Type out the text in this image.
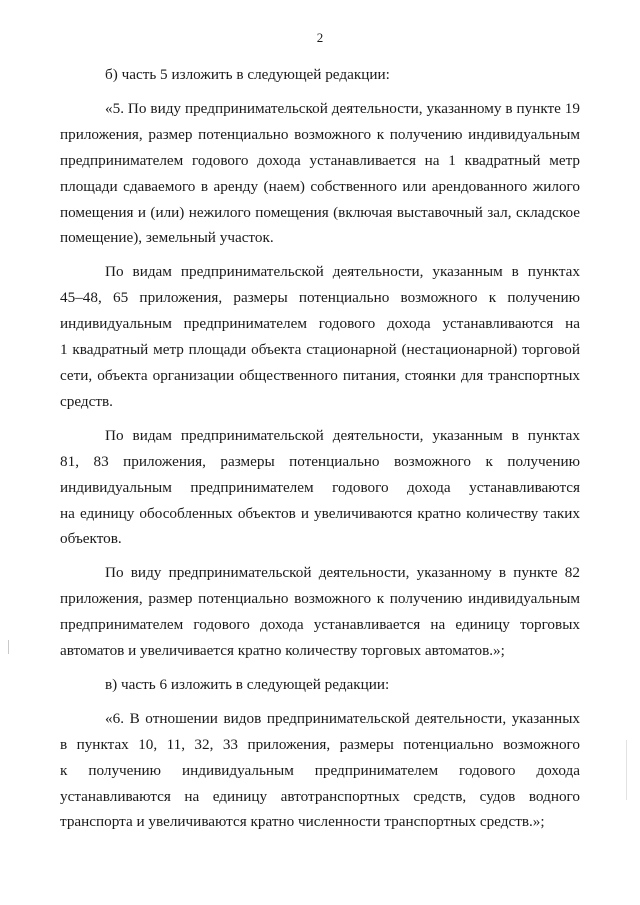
2
б) часть 5 изложить в следующей редакции:
«5. По виду предпринимательской деятельности, указанному в пункте 19
приложения, размер потенциально возможного к получению индивидуальным
предпринимателем годового дохода устанавливается на 1 квадратный метр
площади сдаваемого в аренду (наем) собственного или арендованного жилого
помещения и (или) нежилого помещения (включая выставочный зал, складское
помещение), земельный участок.
По видам предпринимательской деятельности, указанным в пунктах
45–48, 65 приложения, размеры потенциально возможного к получению
индивидуальным предпринимателем годового дохода устанавливаются на
1 квадратный метр площади объекта стационарной (нестационарной) торговой
сети, объекта организации общественного питания, стоянки для транспортных
средств.
По видам предпринимательской деятельности, указанным в пунктах
81, 83 приложения, размеры потенциально возможного к получению
индивидуальным предпринимателем годового дохода устанавливаются
на единицу обособленных объектов и увеличиваются кратно количеству таких
объектов.
По виду предпринимательской деятельности, указанному в пункте 82
приложения, размер потенциально возможного к получению индивидуальным
предпринимателем годового дохода устанавливается на единицу торговых
автоматов и увеличивается кратно количеству торговых автоматов.»;
в) часть 6 изложить в следующей редакции:
«6. В отношении видов предпринимательской деятельности, указанных
в пунктах 10, 11, 32, 33 приложения, размеры потенциально возможного
к получению индивидуальным предпринимателем годового дохода
устанавливаются на единицу автотранспортных средств, судов водного
транспорта и увеличиваются кратно численности транспортных средств.»;
